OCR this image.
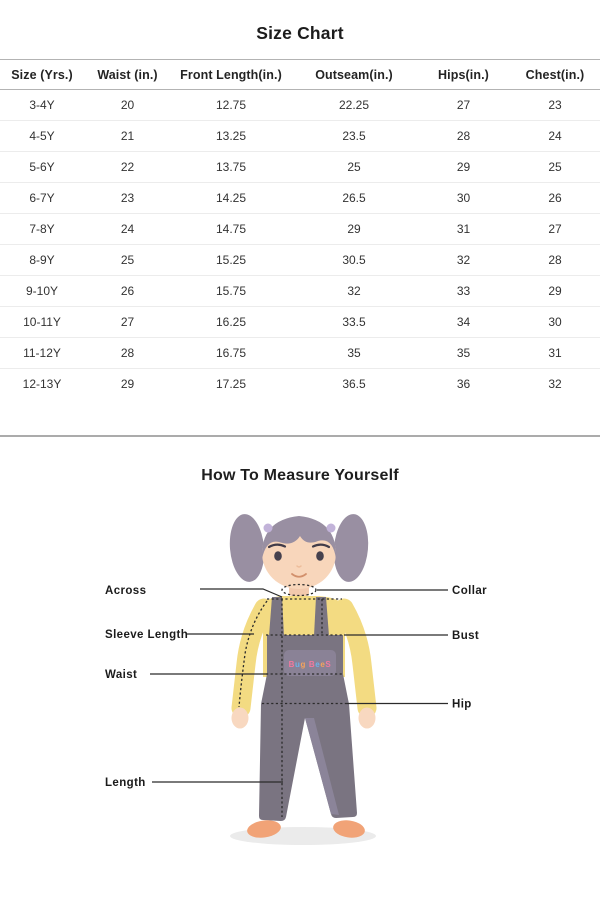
Size Chart
Size (Yrs.)	Waist (in.)	Front Length(in.)	Outseam(in.)	Hips(in.)	Chest(in.)
3-4Y	20	12.75	22.25	27	23
4-5Y	21	13.25	23.5	28	24
5-6Y	22	13.75	25	29	25
6-7Y	23	14.25	26.5	30	26
7-8Y	24	14.75	29	31	27
8-9Y	25	15.25	30.5	32	28
9-10Y	26	15.75	32	33	29
10-11Y	27	16.25	33.5	34	30
11-12Y	28	16.75	35	35	31
12-13Y	29	17.25	36.5	36	32
How To Measure Yourself
Bug BeeS
Across
Sleeve Length
Waist
Length
Collar
Bust
Hip
